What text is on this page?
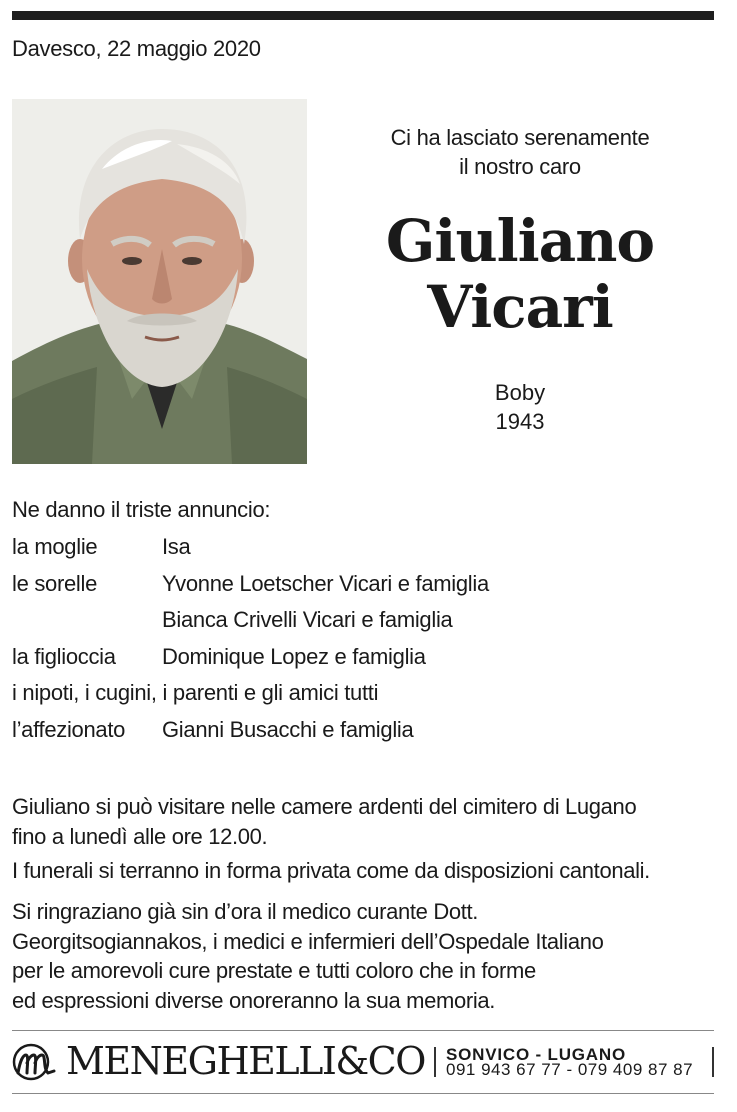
Davesco, 22 maggio 2020
Ci ha lasciato serenamente
il nostro caro
Giuliano
Vicari
Boby
1943
Ne danno il triste annuncio:
la moglie	Isa
le sorelle	Yvonne Loetscher Vicari e famiglia
Bianca Crivelli Vicari e famiglia
la figlioccia Dominique Lopez e famiglia
i nipoti, i cugini, i parenti e gli amici tutti
l’affezionato Gianni Busacchi e famiglia
Giuliano si può visitare nelle camere ardenti del cimitero di Lugano
fino a lunedì alle ore 12.00.
I funerali si terranno in forma privata come da disposizioni cantonali.
Si ringraziano già sin d’ora il medico curante Dott.
Georgitsogiannakos, i medici e infermieri dell’Ospedale Italiano
per le amorevoli cure prestate e tutti coloro che in forme
ed espressioni diverse onoreranno la sua memoria.
MENEGHELLI&CO SONVICO - LUGANO
091 943 67 77 - 079 409 87 87
